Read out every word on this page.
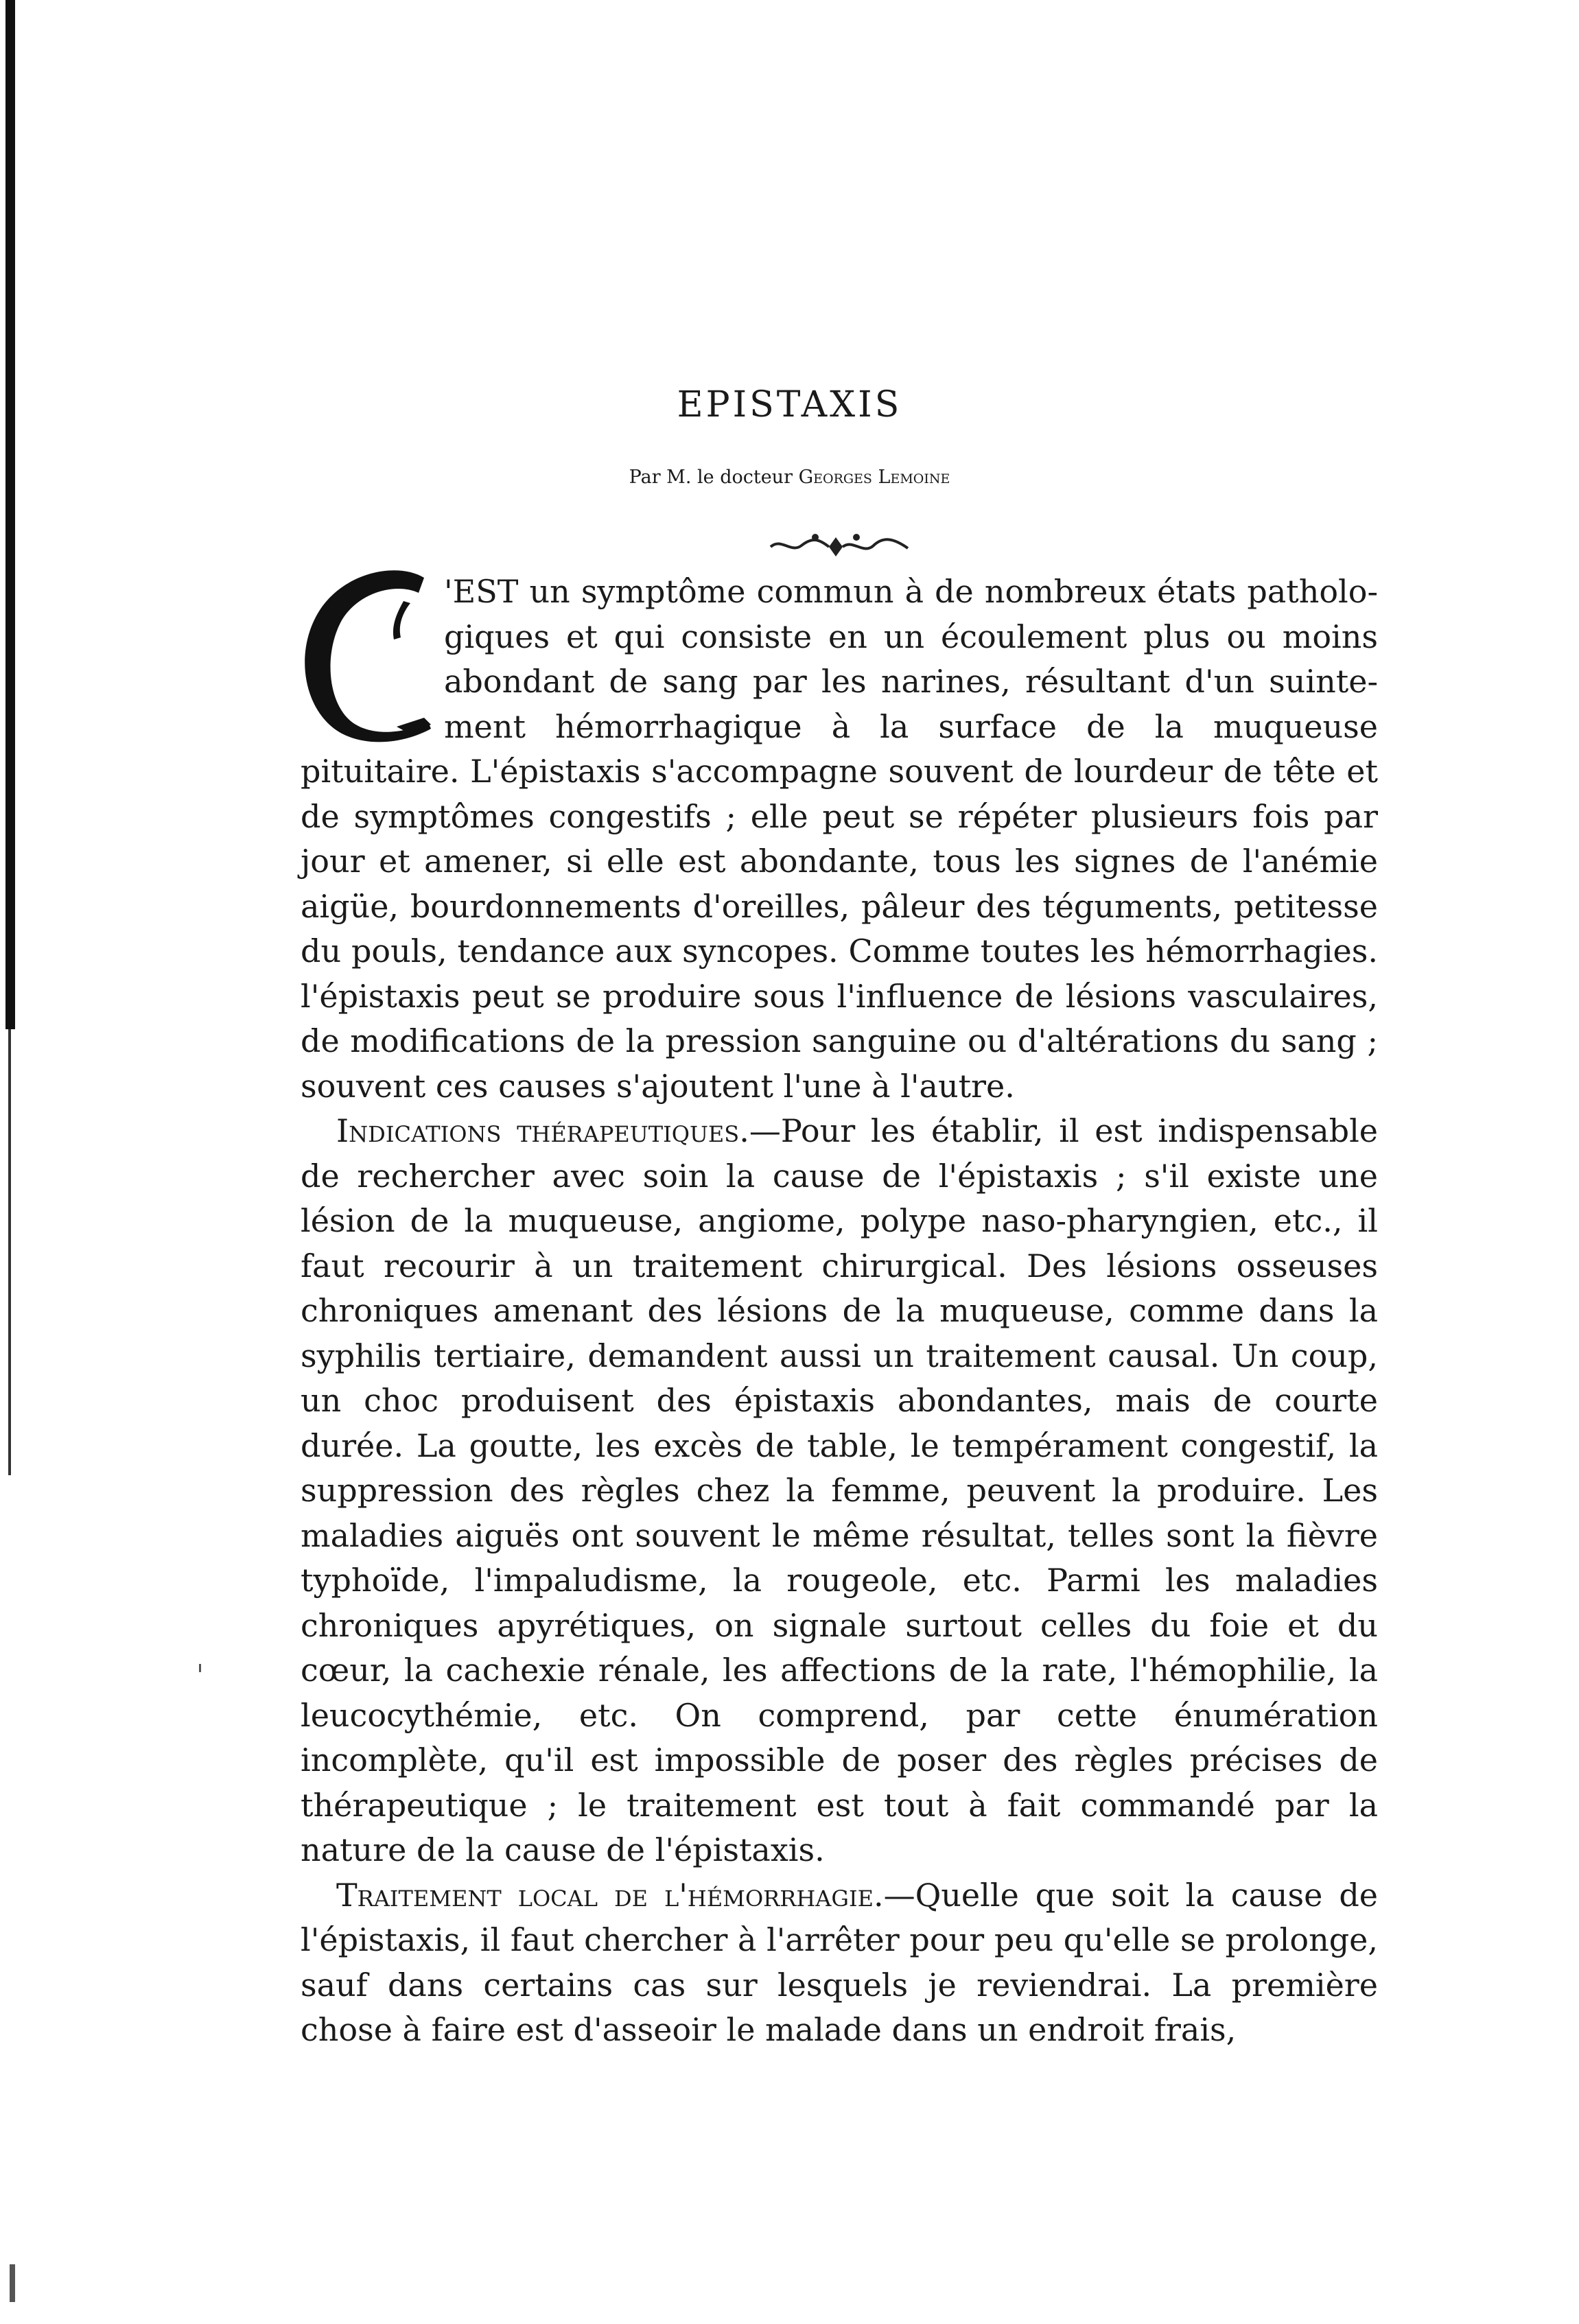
EPISTAXIS
Par M. le docteur Georges Lemoine

'EST un symptôme commun à de nombreux états pathologiques et qui consiste en un écoulement plus ou moins abondant de sang par les narines, résultant d'un suintement hémorrhagique à la surface de la muqueuse pituitaire. L'épistaxis s'accompagne souvent de lourdeur de tête et de symptômes congestifs ; elle peut se répéter plusieurs fois par jour et amener, si elle est abondante, tous les signes de l'anémie aigüe, bourdonnements d'oreilles, pâleur des téguments, petitesse du pouls, tendance aux syncopes. Comme toutes les hémorrhagies. l'épistaxis peut se produire sous l'influence de lésions vasculaires, de modifications de la pression sanguine ou d'altérations du sang ; souvent ces causes s'ajoutent l'une à l'autre.

Indications thérapeutiques.—Pour les établir, il est indispensable de rechercher avec soin la cause de l'épistaxis ; s'il existe une lésion de la muqueuse, angiome, polype naso-pharyngien, etc., il faut recourir à un traitement chirurgical. Des lésions osseuses chroniques amenant des lésions de la muqueuse, comme dans la syphilis tertiaire, demandent aussi un traitement causal. Un coup, un choc produisent des épistaxis abondantes, mais de courte durée. La goutte, les excès de table, le tempérament congestif, la suppression des règles chez la femme, peuvent la produire. Les maladies aiguës ont souvent le même résultat, telles sont la fièvre typhoïde, l'impaludisme, la rougeole, etc. Parmi les maladies chroniques apyrétiques, on signale surtout celles du foie et du cœur, la cachexie rénale, les affections de la rate, l'hémophilie, la leucocythémie, etc. On comprend, par cette énumération incomplète, qu'il est impossible de poser des règles précises de thérapeutique ; le traitement est tout à fait commandé par la nature de la cause de l'épistaxis.

Traitement local de l'hémorrhagie.—Quelle que soit la cause de l'épistaxis, il faut chercher à l'arrêter pour peu qu'elle se prolonge, sauf dans certains cas sur lesquels je reviendrai. La première chose à faire est d'asseoir le malade dans un endroit frais,
